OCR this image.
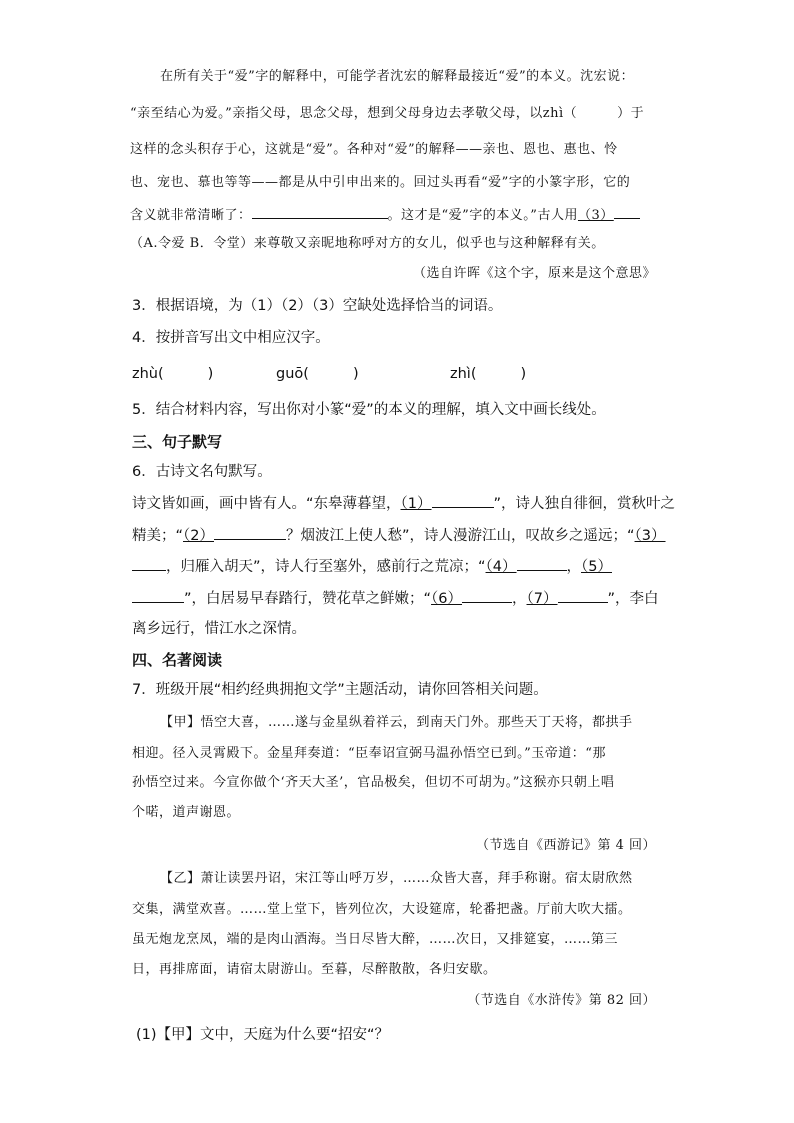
在所有关于“爱”字的解释中，可能学者沈宏的解释最接近“爱”的本义。沈宏说：
“亲至结心为爱。”亲指父母，思念父母，想到父母身边去孝敬父母，以zhì（	）于
这样的念头积存于心，这就是“爱”。各种对“爱”的解释——亲也、恩也、惠也、怜
也、宠也、慕也等等——都是从中引申出来的。回过头再看“爱”字的小篆字形，它的
含义就非常清晰了：	。这才是“爱”字的本义。”古人用（3）
（A.令爱 B．令堂）来尊敬又亲昵地称呼对方的女儿，似乎也与这种解释有关。
（选自许晖《这个字，原来是这个意思》
3．根据语境，为（1）（2）（3）空缺处选择恰当的词语。
4．按拼音写出文中相应汉字。
zhù(	)	guō(	)	zhì(	)
5．结合材料内容，写出你对小篆“爱”的本义的理解，填入文中画长线处。
三、句子默写
6．古诗文名句默写。
诗文皆如画，画中皆有人。“东皋薄暮望，（1）	”，诗人独自徘徊，赏秋叶之
精美；“（2）	？烟波江上使人愁”，诗人漫游江山，叹故乡之遥远；“（3）
，归雁入胡天”，诗人行至塞外，感前行之荒凉；“（4）	，（5）
”，白居易早春踏行，赞花草之鲜嫩；“（6）	，（7）	”，李白
离乡远行，惜江水之深情。
四、名著阅读
7．班级开展“相约经典拥抱文学”主题活动，请你回答相关问题。
【甲】悟空大喜，……遂与金星纵着祥云，到南天门外。那些天丁天将，都拱手
相迎。径入灵霄殿下。金星拜奏道：“臣奉诏宣弼马温孙悟空已到。”玉帝道：“那
孙悟空过来。今宣你做个‘齐天大圣’，官品极矣，但切不可胡为。”这猴亦只朝上唱
个喏，道声谢恩。
（节选自《西游记》第 4 回）
【乙】萧让读罢丹诏，宋江等山呼万岁，……众皆大喜，拜手称谢。宿太尉欣然
交集，满堂欢喜。……堂上堂下，皆列位次，大设筵席，轮番把盏。厅前大吹大擂。
虽无炮龙烹凤，端的是肉山酒海。当日尽皆大醉，……次日，又排筵宴，……第三
日，再排席面，请宿太尉游山。至暮，尽醉散散，各归安歇。
（节选自《水浒传》第 82 回）
(1)【甲】文中，天庭为什么要“招安“？
